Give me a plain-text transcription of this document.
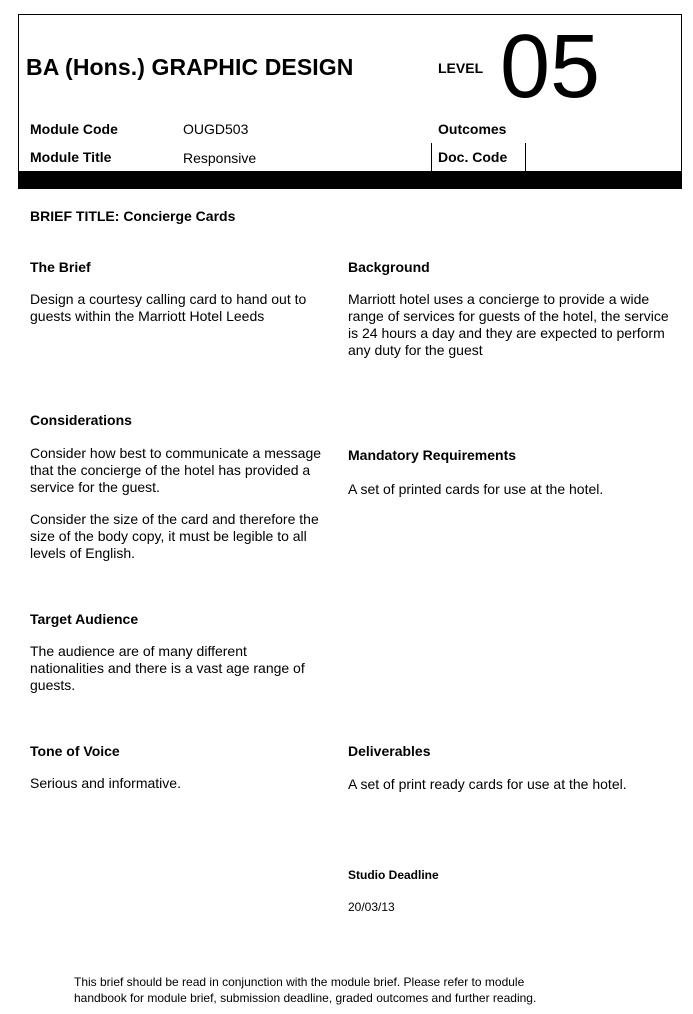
BA (Hons.) GRAPHIC DESIGN	LEVEL 05
Module Code	OUGD503	Outcomes
Module Title	Responsive	Doc. Code
BRIEF TITLE: Concierge Cards
The Brief
Design a courtesy calling card to hand out to
guests within the Marriott Hotel Leeds
Background
Marriott hotel uses a concierge to provide a wide
range of services for guests of the hotel, the service
is 24 hours a day and they are expected to perform
any duty for the guest
Considerations
Consider how best to communicate a message
that the concierge of the hotel has provided a
service for the guest.
Consider the size of the card and therefore the
size of the body copy, it must be legible to all
levels of English.
Mandatory Requirements
A set of printed cards for use at the hotel.
Target Audience
The audience are of many different
nationalities and there is a vast age range of
guests.
Tone of Voice
Serious and informative.
Deliverables
A set of print ready cards for use at the hotel.
Studio Deadline
20/03/13
This brief should be read in conjunction with the module brief. Please refer to module
handbook for module brief, submission deadline, graded outcomes and further reading.
